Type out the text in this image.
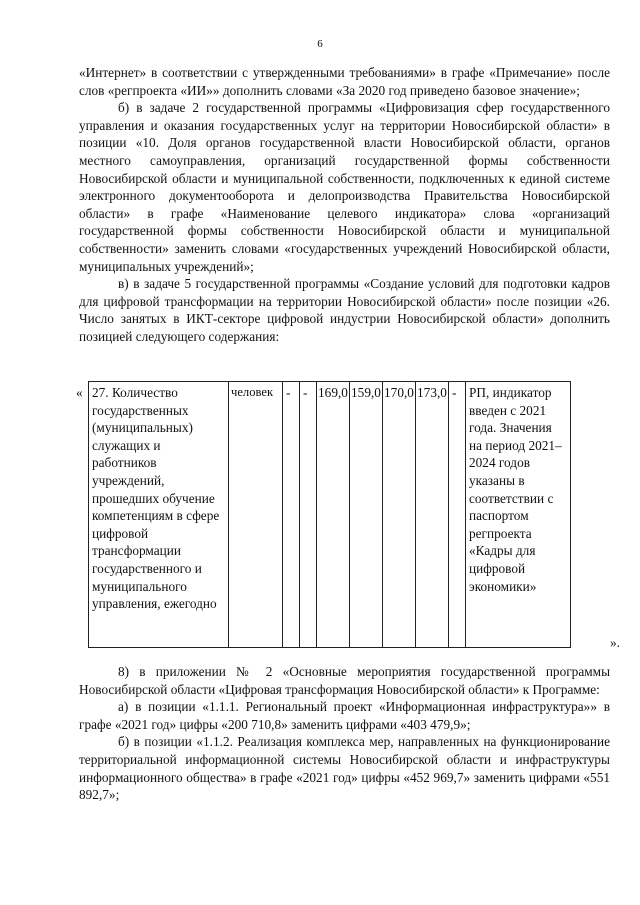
6

«Интернет» в соответствии с утвержденными требованиями» в графе «Примечание» после слов «регпроекта «ИИ»» дополнить словами «За 2020 год приведено базовое значение»;

б) в задаче 2 государственной программы «Цифровизация сфер государственного управления и оказания государственных услуг на территории Новосибирской области» в позиции «10. Доля органов государственной власти Новосибирской области, органов местного самоуправления, организаций государственной формы собственности Новосибирской области и муниципальной собственности, подключенных к единой системе электронного документооборота и делопроизводства Правительства Новосибирской области» в графе «Наименование целевого индикатора» слова «организаций государственной формы собственности Новосибирской области и муниципальной собственности» заменить словами «государственных учреждений Новосибирской области, муниципальных учреждений»;

в) в задаче 5 государственной программы «Создание условий для подготовки кадров для цифровой трансформации на территории Новосибирской области» после позиции «26. Число занятых в ИКТ-секторе цифровой индустрии Новосибирской области» дополнить позицией следующего содержания:

« 27. Количество государственных (муниципальных) служащих и работников учреждений, прошедших обучение компетенциям в сфере цифровой трансформации государственного и муниципального управления, ежегодно	человек	-	-	169,0	159,0	170,0	173,0	-	РП, индикатор введен с 2021 года. Значения на период 2021–2024 годов указаны в соответствии с паспортом регпроекта «Кадры для цифровой экономики»
».

8) в приложении № 2 «Основные мероприятия государственной программы Новосибирской области «Цифровая трансформация Новосибирской области» к Программе:

а) в позиции «1.1.1. Региональный проект «Информационная инфраструктура»» в графе «2021 год» цифры «200 710,8» заменить цифрами «403 479,9»;

б) в позиции «1.1.2. Реализация комплекса мер, направленных на функционирование территориальной информационной системы Новосибирской области и инфраструктуры информационного общества» в графе «2021 год» цифры «452 969,7» заменить цифрами «551 892,7»;
